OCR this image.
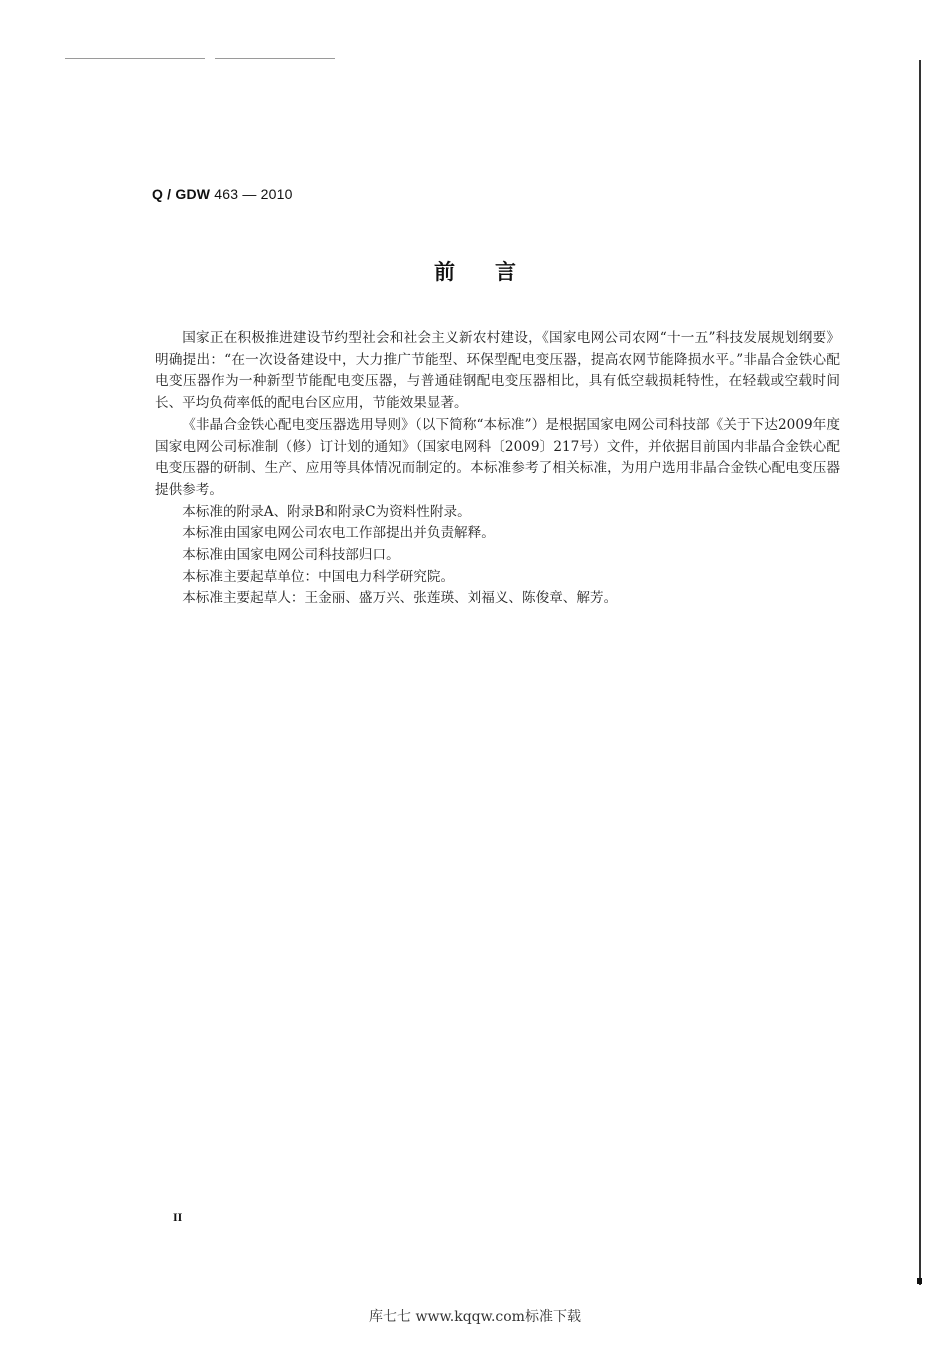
Q / GDW 463 — 2010
前言

国家正在积极推进建设节约型社会和社会主义新农村建设，《国家电网公司农网“十一五”科技发展规划纲要》明确提出：“在一次设备建设中，大力推广节能型、环保型配电变压器，提高农网节能降损水平。”非晶合金铁心配电变压器作为一种新型节能配电变压器，与普通硅钢配电变压器相比，具有低空载损耗特性，在轻载或空载时间长、平均负荷率低的配电台区应用，节能效果显著。

《非晶合金铁心配电变压器选用导则》（以下简称“本标准”）是根据国家电网公司科技部《关于下达2009年度国家电网公司标准制（修）订计划的通知》（国家电网科〔2009〕217号）文件，并依据目前国内非晶合金铁心配电变压器的研制、生产、应用等具体情况而制定的。本标准参考了相关标准，为用户选用非晶合金铁心配电变压器提供参考。

本标准的附录A、附录B和附录C为资料性附录。

本标准由国家电网公司农电工作部提出并负责解释。

本标准由国家电网公司科技部归口。

本标准主要起草单位：中国电力科学研究院。

本标准主要起草人：王金丽、盛万兴、张莲瑛、刘福义、陈俊章、解芳。

II
库七七 www.kqqw.com标准下载
